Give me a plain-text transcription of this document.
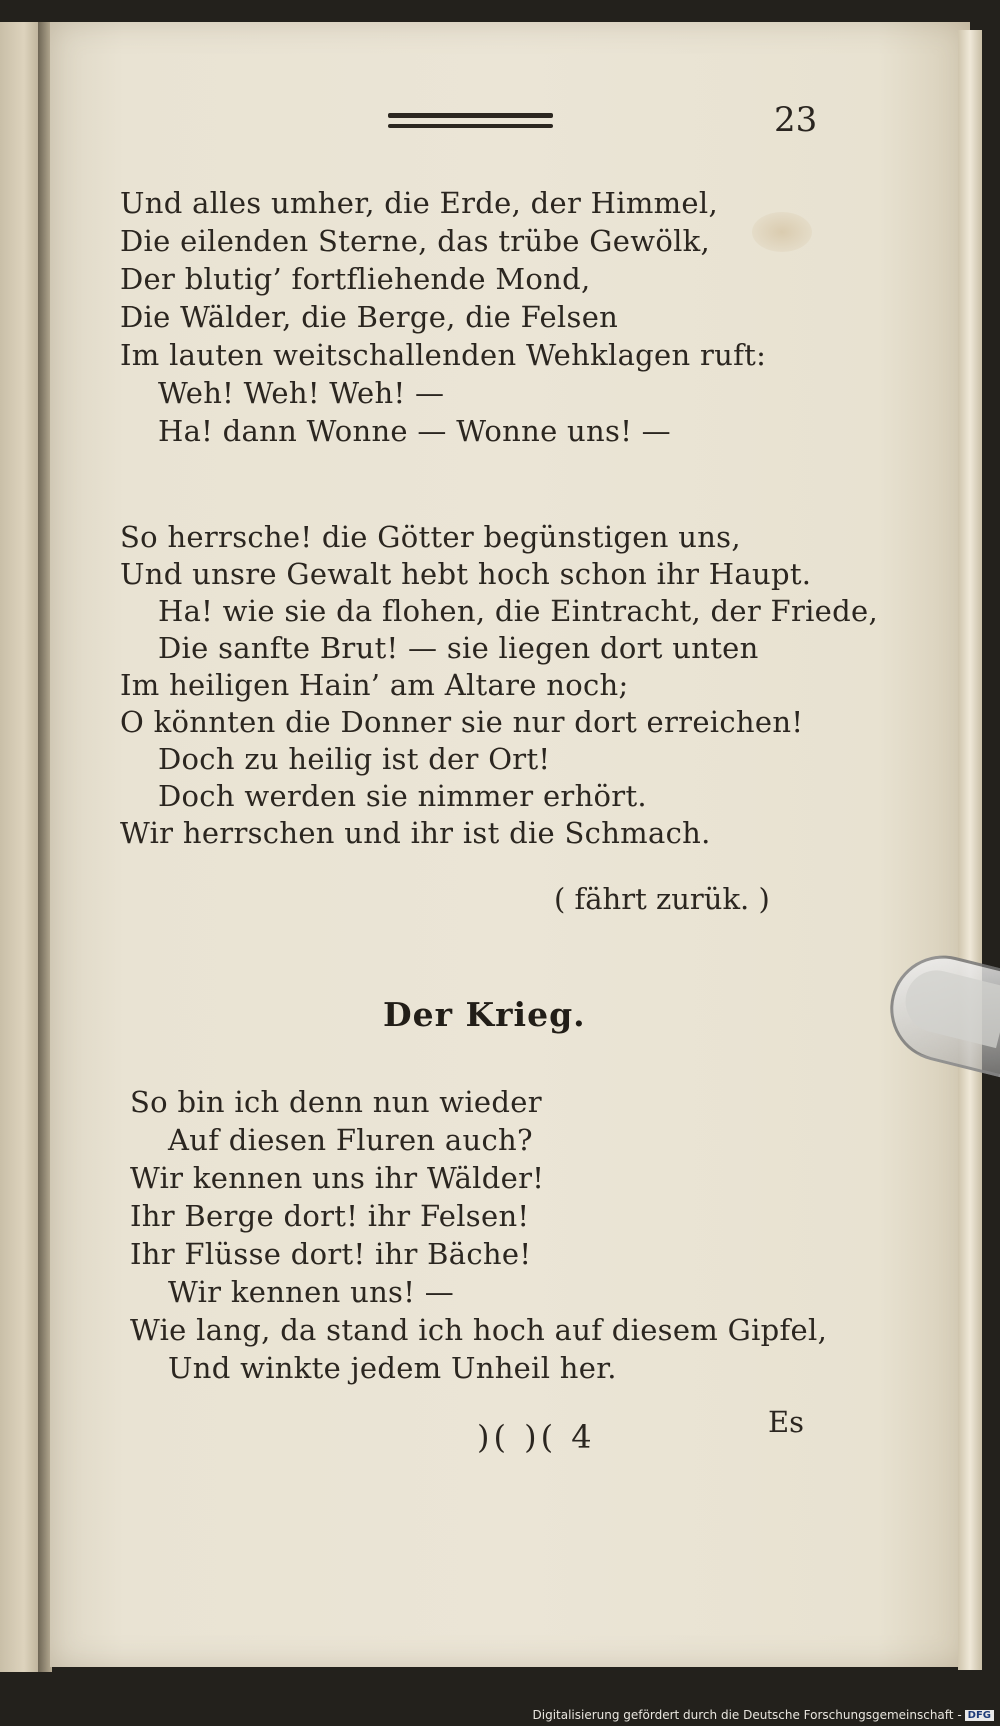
23
Und alles umher, die Erde, der Himmel,
Die eilenden Sterne, das trübe Gewölk,
Der blutig’ fortfliehende Mond,
Die Wälder, die Berge, die Felsen
Im lauten weitschallenden Wehklagen ruft:
Weh! Weh! Weh! —
Ha! dann Wonne — Wonne uns! —
So herrsche! die Götter begünstigen uns,
Und unsre Gewalt hebt hoch schon ihr Haupt.
Ha! wie sie da flohen, die Eintracht, der Friede,
Die sanfte Brut! — sie liegen dort unten
Im heiligen Hain’ am Altare noch;
O könnten die Donner sie nur dort erreichen!
Doch zu heilig ist der Ort!
Doch werden sie nimmer erhört.
Wir herrschen und ihr ist die Schmach.
( fährt zurük. )
Der Krieg.
So bin ich denn nun wieder
Auf diesen Fluren auch?
Wir kennen uns ihr Wälder!
Ihr Berge dort! ihr Felsen!
Ihr Flüsse dort! ihr Bäche!
Wir kennen uns! —
Wie lang, da stand ich hoch auf diesem Gipfel,
Und winkte jedem Unheil her.
)( )( 4	Es
Digitalisierung gefördert durch die Deutsche Forschungsgemeinschaft - DFG
